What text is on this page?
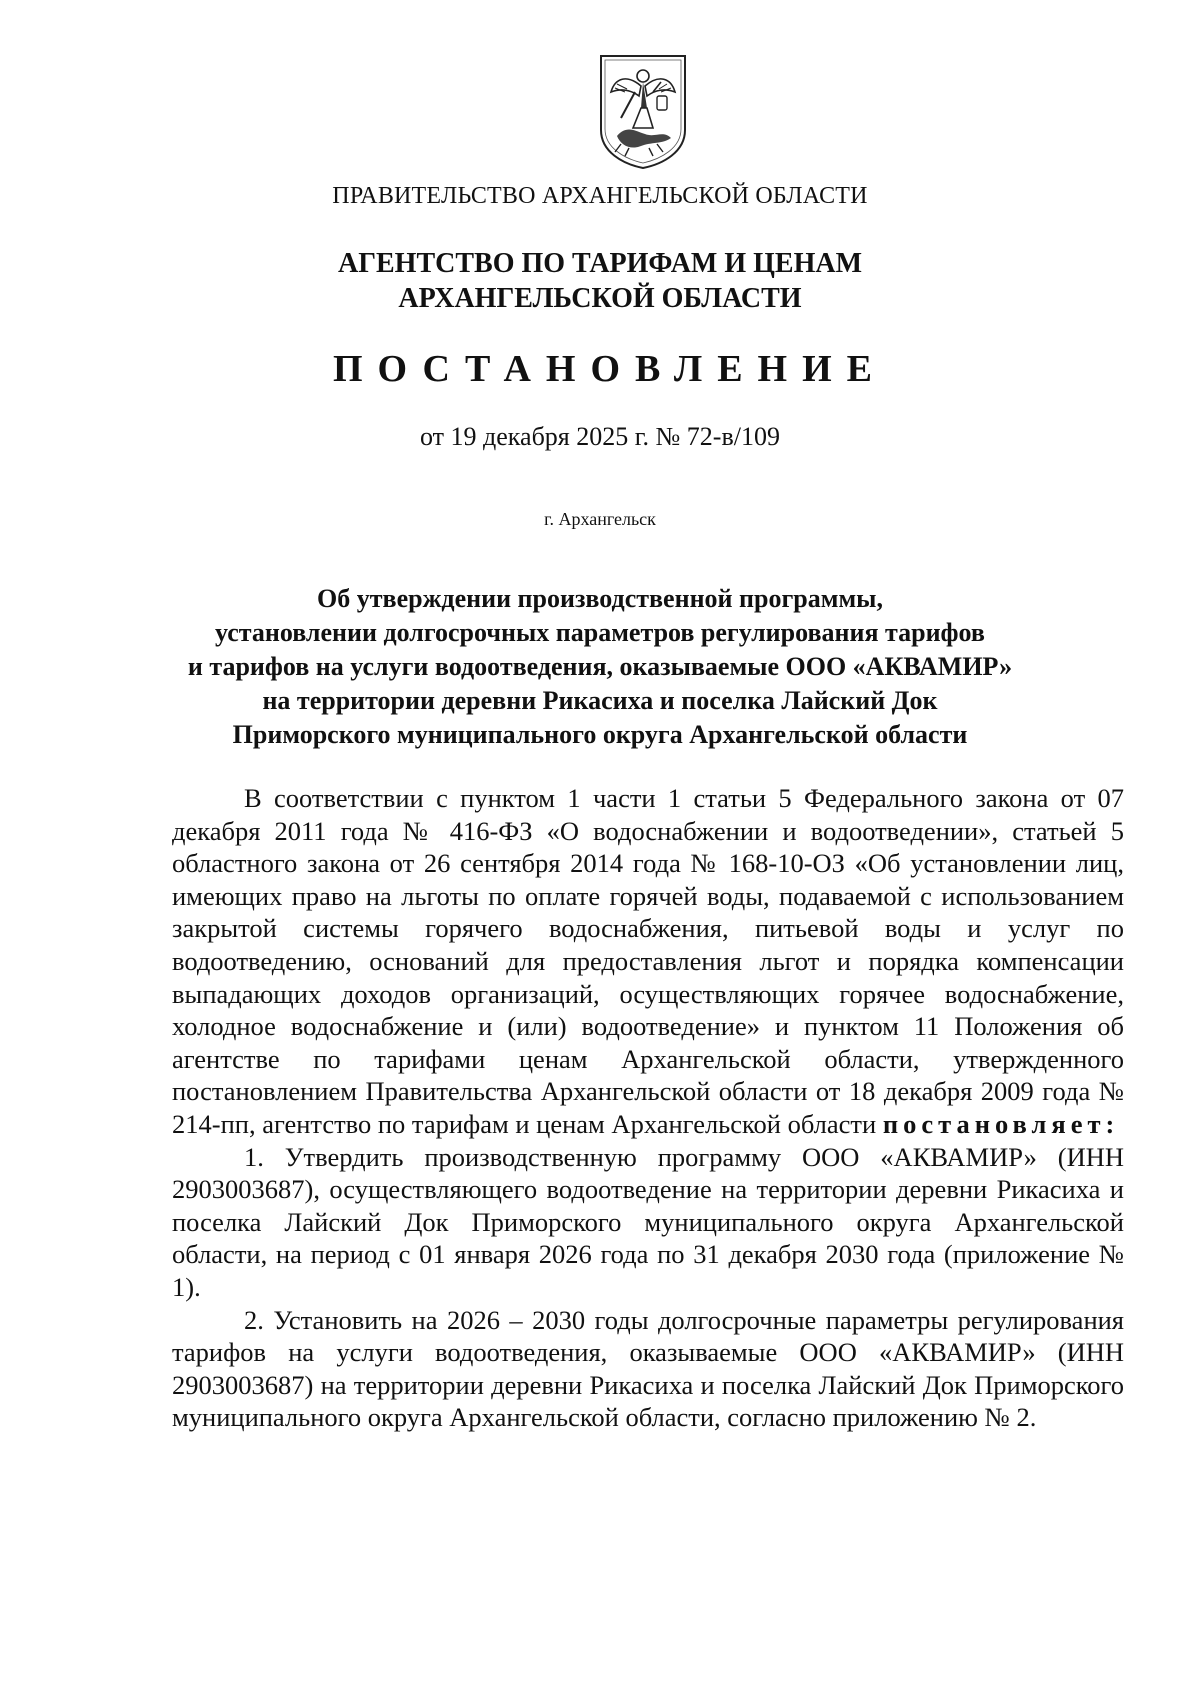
ПРАВИТЕЛЬСТВО АРХАНГЕЛЬСКОЙ ОБЛАСТИ
АГЕНТСТВО ПО ТАРИФАМ И ЦЕНАМ
АРХАНГЕЛЬСКОЙ ОБЛАСТИ
ПОСТАНОВЛЕНИЕ
от 19 декабря 2025 г. № 72-в/109
г. Архангельск
Об утверждении производственной программы,
установлении долгосрочных параметров регулирования тарифов
и тарифов на услуги водоотведения, оказываемые ООО «АКВАМИР»
на территории деревни Рикасиха и поселка Лайский Док
Приморского муниципального округа Архангельской области

В соответствии с пунктом 1 части 1 статьи 5 Федерального закона от 07 декабря 2011 года № 416-ФЗ «О водоснабжении и водоотведении», статьей 5 областного закона от 26 сентября 2014 года № 168-10-ОЗ «Об установлении лиц, имеющих право на льготы по оплате горячей воды, подаваемой с использованием закрытой системы горячего водоснабжения, питьевой воды и услуг по водоотведению, оснований для предоставления льгот и порядка компенсации выпадающих доходов организаций, осуществляющих горячее водоснабжение, холодное водоснабжение и (или) водоотведение» и пунктом 11 Положения об агентстве по тарифами ценам Архангельской области, утвержденного постановлением Правительства Архангельской области от 18 декабря 2009 года № 214-пп, агентство по тарифам и ценам Архангельской области постановляет:

1. Утвердить производственную программу ООО «АКВАМИР» (ИНН 2903003687), осуществляющего водоотведение на территории деревни Рикасиха и поселка Лайский Док Приморского муниципального округа Архангельской области, на период с 01 января 2026 года по 31 декабря 2030 года (приложение № 1).

2. Установить на 2026 – 2030 годы долгосрочные параметры регулирования тарифов на услуги водоотведения, оказываемые ООО «АКВАМИР» (ИНН 2903003687) на территории деревни Рикасиха и поселка Лайский Док Приморского муниципального округа Архангельской области, согласно приложению № 2.
